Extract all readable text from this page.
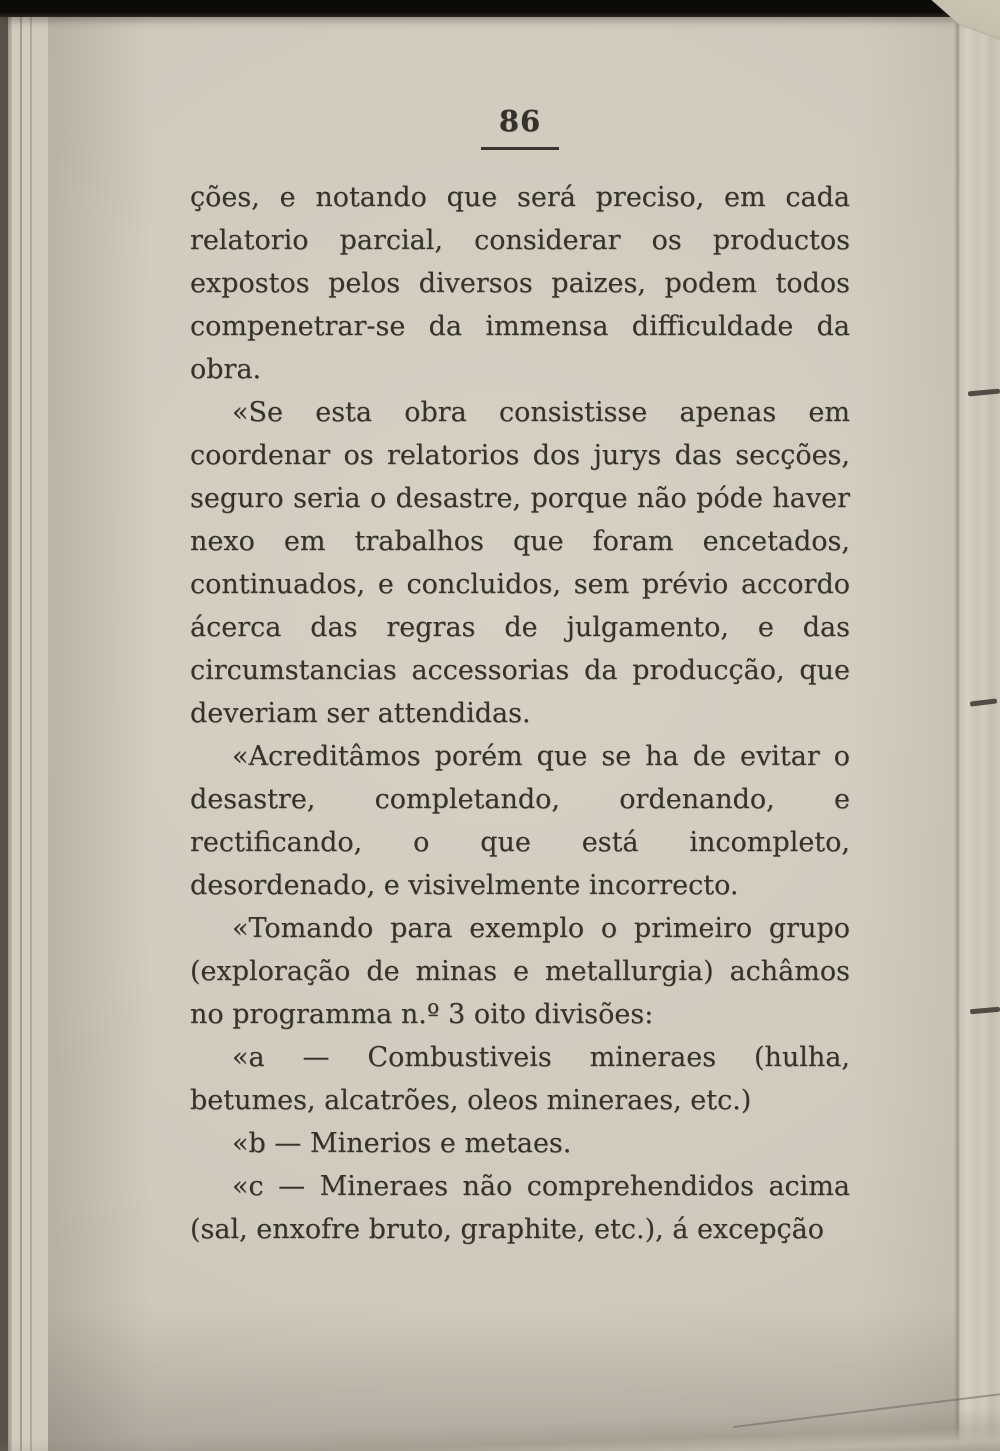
86

ções, e notando que será preciso, em cada relatorio parcial, considerar os productos expostos pelos diversos paizes, podem todos compenetrar-se da immensa difficuldade da obra.

«Se esta obra consistisse apenas em coordenar os relatorios dos jurys das secções, seguro seria o desastre, porque não póde haver nexo em trabalhos que foram encetados, continuados, e concluidos, sem prévio accordo ácerca das regras de julgamento, e das circumstancias accessorias da producção, que deveriam ser attendidas.

«Acreditâmos porém que se ha de evitar o desastre, completando, ordenando, e rectificando, o que está incompleto, desordenado, e visivelmente incorrecto.

«Tomando para exemplo o primeiro grupo (exploração de minas e metallurgia) achâmos no programma n.º 3 oito divisões:

«a — Combustiveis mineraes (hulha, betumes, alcatrões, oleos mineraes, etc.)

«b — Minerios e metaes.

«c — Mineraes não comprehendidos acima (sal, enxofre bruto, graphite, etc.), á excepção
